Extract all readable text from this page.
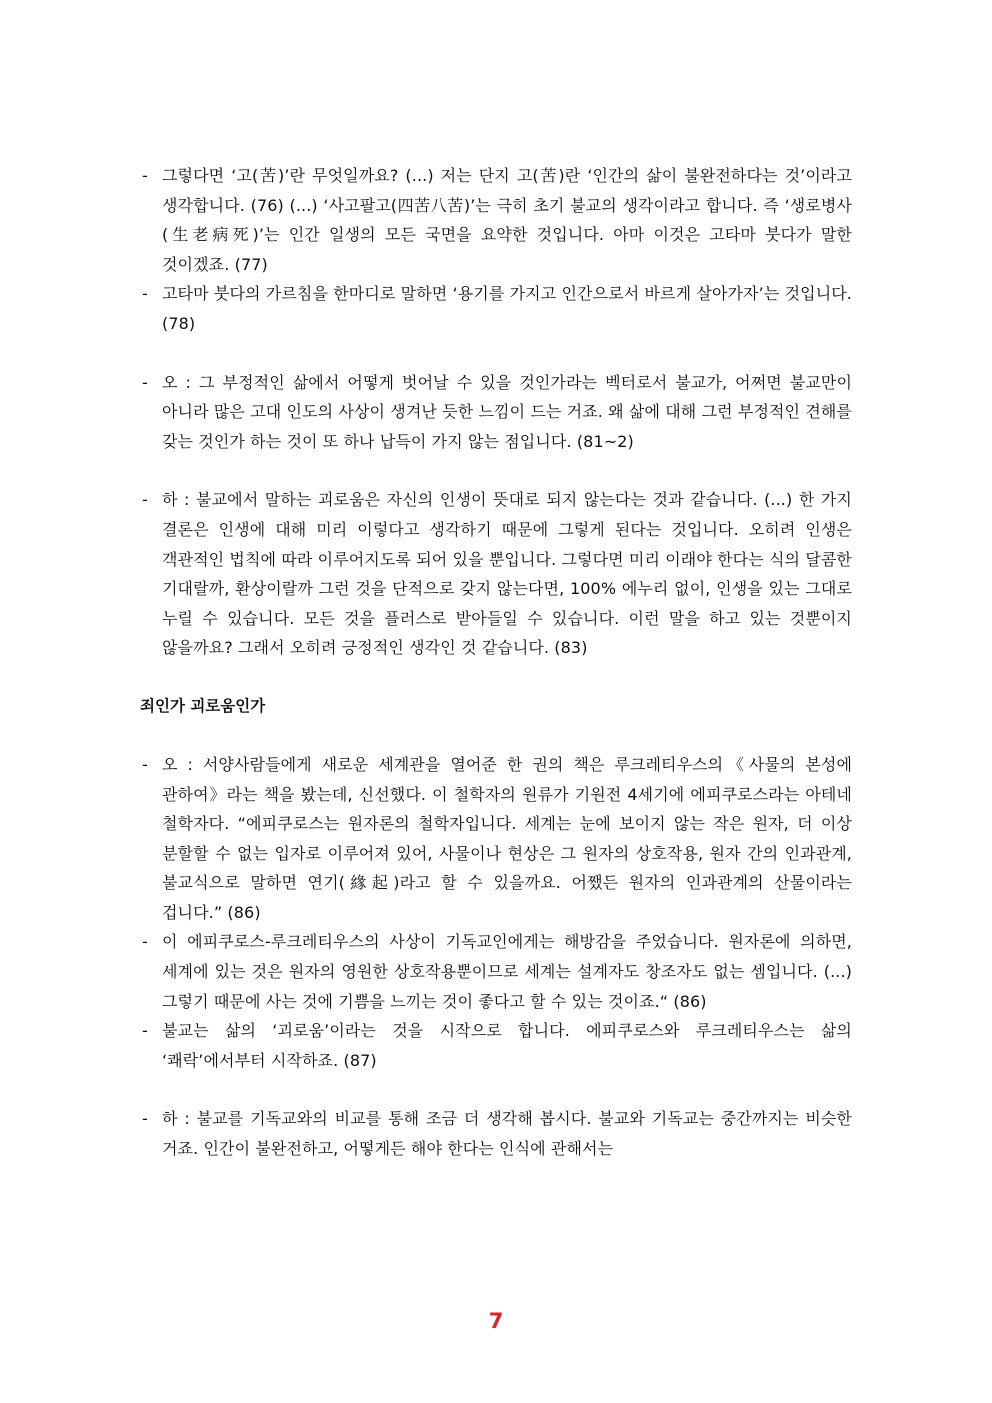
- 그렇다면 ‘고(苦)’란 무엇일까요? (...) 저는 단지 고(苦)란 ‘인간의 삶이 불완전하다는 것’이라고 생각합니다. (76) (...) ‘사고팔고(四苦八苦)’는 극히 초기 불교의 생각이라고 합니다. 즉 ‘생로병사(生老病死)’는 인간 일생의 모든 국면을 요약한 것입니다. 아마 이것은 고타마 붓다가 말한 것이겠죠. (77)
- 고타마 붓다의 가르침을 한마디로 말하면 ‘용기를 가지고 인간으로서 바르게 살아가자’는 것입니다. (78)
- 오 : 그 부정적인 삶에서 어떻게 벗어날 수 있을 것인가라는 벡터로서 불교가, 어쩌면 불교만이 아니라 많은 고대 인도의 사상이 생겨난 듯한 느낌이 드는 거죠. 왜 삶에 대해 그런 부정적인 견해를 갖는 것인가 하는 것이 또 하나 납득이 가지 않는 점입니다. (81~2)
- 하 : 불교에서 말하는 괴로움은 자신의 인생이 뜻대로 되지 않는다는 것과 같습니다. (...) 한 가지 결론은 인생에 대해 미리 이렇다고 생각하기 때문에 그렇게 된다는 것입니다. 오히려 인생은 객관적인 법칙에 따라 이루어지도록 되어 있을 뿐입니다. 그렇다면 미리 이래야 한다는 식의 달콤한 기대랄까, 환상이랄까 그런 것을 단적으로 갖지 않는다면, 100% 에누리 없이, 인생을 있는 그대로 누릴 수 있습니다. 모든 것을 플러스로 받아들일 수 있습니다. 이런 말을 하고 있는 것뿐이지 않을까요? 그래서 오히려 긍정적인 생각인 것 같습니다. (83)
죄인가 괴로움인가
- 오 : 서양사람들에게 새로운 세계관을 열어준 한 권의 책은 루크레티우스의《사물의 본성에 관하여》라는 책을 봤는데, 신선했다. 이 철학자의 원류가 기원전 4세기에 에피쿠로스라는 아테네 철학자다. “에피쿠로스는 원자론의 철학자입니다. 세계는 눈에 보이지 않는 작은 원자, 더 이상 분할할 수 없는 입자로 이루어져 있어, 사물이나 현상은 그 원자의 상호작용, 원자 간의 인과관계, 불교식으로 말하면 연기(緣起)라고 할 수 있을까요. 어쨌든 원자의 인과관계의 산물이라는 겁니다.” (86)
- 이 에피쿠로스-루크레티우스의 사상이 기독교인에게는 해방감을 주었습니다. 원자론에 의하면, 세계에 있는 것은 원자의 영원한 상호작용뿐이므로 세계는 설계자도 창조자도 없는 셈입니다. (...) 그렇기 때문에 사는 것에 기쁨을 느끼는 것이 좋다고 할 수 있는 것이죠.“ (86)
- 불교는 삶의 ‘괴로움’이라는 것을 시작으로 합니다. 에피쿠로스와 루크레티우스는 삶의 ‘쾌락’에서부터 시작하죠. (87)
- 하 : 불교를 기독교와의 비교를 통해 조금 더 생각해 봅시다. 불교와 기독교는 중간까지는 비슷한 거죠. 인간이 불완전하고, 어떻게든 해야 한다는 인식에 관해서는
7
